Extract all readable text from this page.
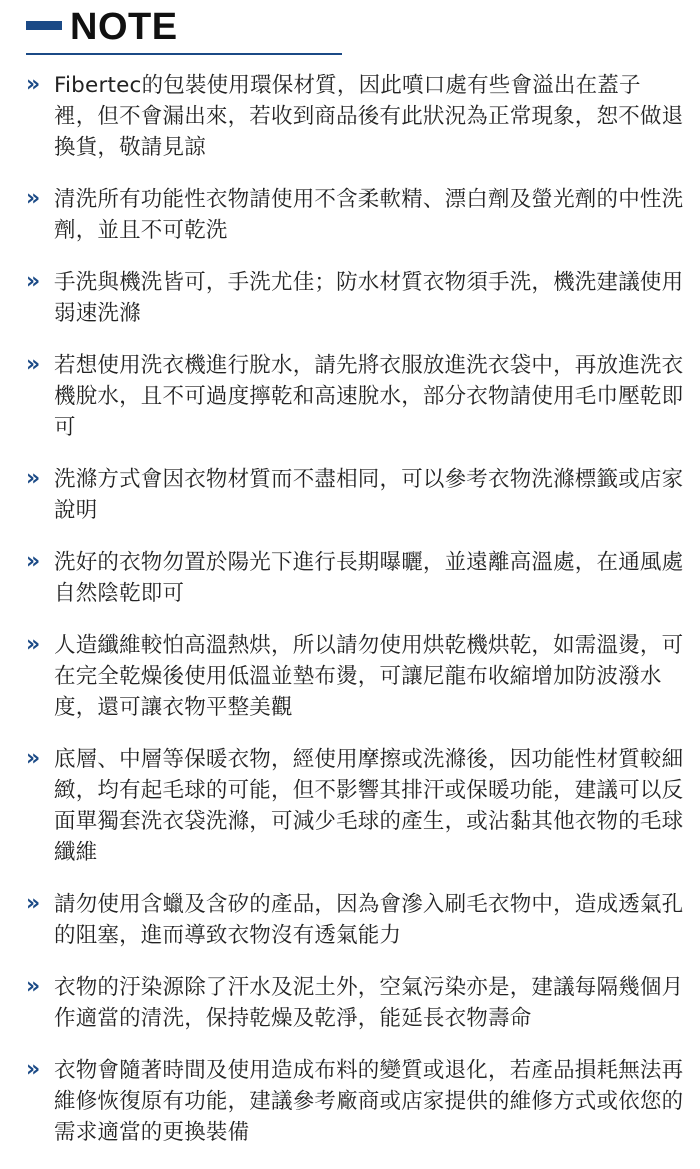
NOTE
» Fibertec的包裝使用環保材質，因此噴口處有些會溢出在蓋子裡，但不會漏出來，若收到商品後有此狀況為正常現象，恕不做退換貨，敬請見諒
» 清洗所有功能性衣物請使用不含柔軟精、漂白劑及螢光劑的中性洗劑，並且不可乾洗
» 手洗與機洗皆可，手洗尤佳；防水材質衣物須手洗，機洗建議使用弱速洗滌
» 若想使用洗衣機進行脫水，請先將衣服放進洗衣袋中，再放進洗衣機脫水，且不可過度擰乾和高速脫水，部分衣物請使用毛巾壓乾即可
» 洗滌方式會因衣物材質而不盡相同，可以參考衣物洗滌標籤或店家說明
» 洗好的衣物勿置於陽光下進行長期曝曬，並遠離高溫處，在通風處自然陰乾即可
» 人造纖維較怕高溫熱烘，所以請勿使用烘乾機烘乾，如需溫燙，可在完全乾燥後使用低溫並墊布燙，可讓尼龍布收縮增加防波潑水度，還可讓衣物平整美觀
» 底層、中層等保暖衣物，經使用摩擦或洗滌後，因功能性材質較細緻，均有起毛球的可能，但不影響其排汗或保暖功能，建議可以反面單獨套洗衣袋洗滌，可減少毛球的產生，或沾黏其他衣物的毛球纖維
» 請勿使用含蠟及含矽的產品，因為會滲入刷毛衣物中，造成透氣孔的阻塞，進而導致衣物沒有透氣能力
» 衣物的汙染源除了汗水及泥土外，空氣污染亦是，建議每隔幾個月作適當的清洗，保持乾燥及乾淨，能延長衣物壽命
» 衣物會隨著時間及使用造成布料的變質或退化，若產品損耗無法再維修恢復原有功能，建議參考廠商或店家提供的維修方式或依您的需求適當的更換裝備
